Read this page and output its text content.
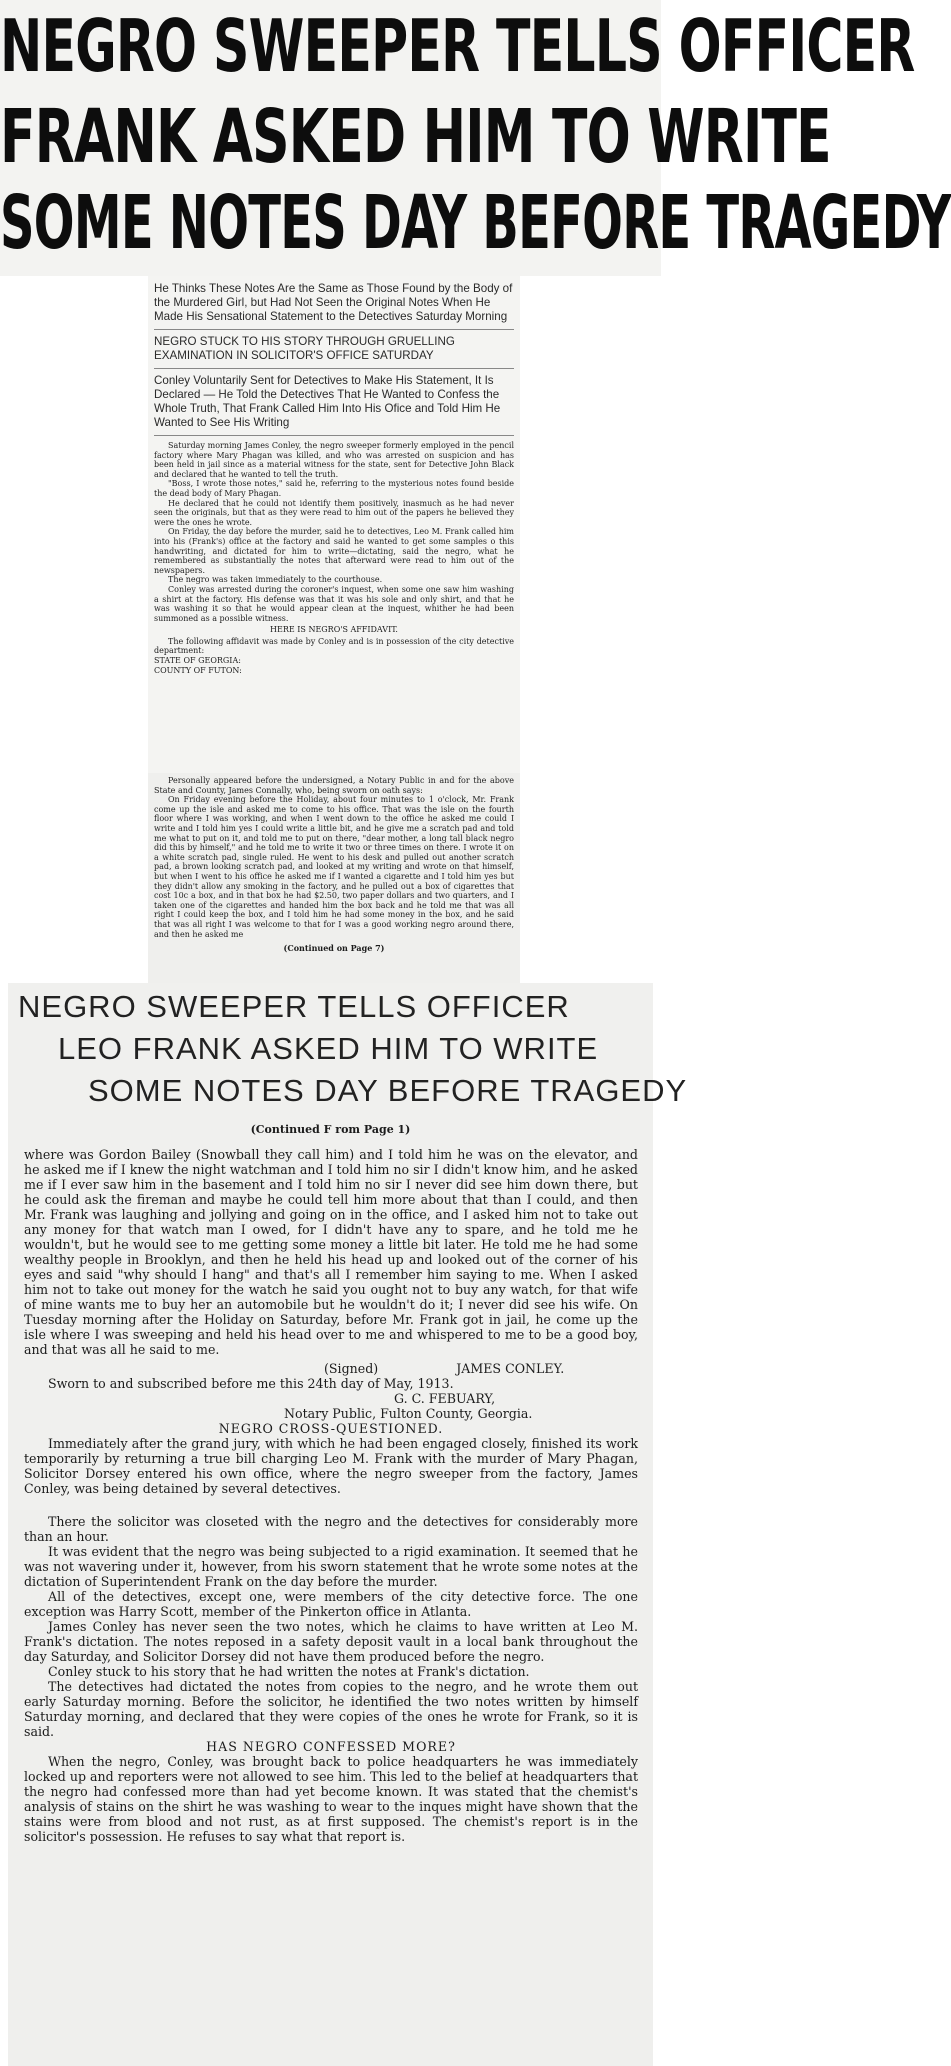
NEGRO SWEEPER TELLS OFFICER
FRANK ASKED HIM TO WRITE
SOME NOTES DAY BEFORE TRAGEDY

He Thinks These Notes Are the Same as Those Found by the Body of the Murdered Girl, but Had Not Seen the Original Notes When He Made His Sensational Statement to the Detectives Saturday Morning

NEGRO STUCK TO HIS STORY THROUGH GRUELLING EXAMINATION IN SOLICITOR'S OFFICE SATURDAY

Conley Voluntarily Sent for Detectives to Make His Statement, It Is Declared — He Told the Detectives That He Wanted to Confess the Whole Truth, That Frank Called Him Into His Ofice and Told Him He Wanted to See His Writing

Saturday morning James Conley, the negro sweeper formerly employed in the pencil factory where Mary Phagan was killed, and who was arrested on suspicion and has been held in jail since as a material witness for the state, sent for Detective John Black and declared that he wanted to tell the truth.

"Boss, I wrote those notes," said he, referring to the mysterious notes found beside the dead body of Mary Phagan.

He declared that he could not identify them positively, inasmuch as he had never seen the originals, but that as they were read to him out of the papers he believed they were the ones he wrote.

On Friday, the day before the murder, said he to detectives, Leo M. Frank called him into his (Frank's) office at the factory and said he wanted to get some samples o this handwriting, and dictated for him to write—dictating, said the negro, what he remembered as substantially the notes that afterward were read to him out of the newspapers.

The negro was taken immediately to the courthouse.

Conley was arrested during the coroner's inquest, when some one saw him washing a shirt at the factory. His defense was that it was his sole and only shirt, and that he was washing it so that he would appear clean at the inquest, whither he had been summoned as a possible witness.

HERE IS NEGRO'S AFFIDAVIT.

The following affidavit was made by Conley and is in possession of the city detective department:

STATE OF GEORGIA:

COUNTY OF FUTON:

Personally appeared before the undersigned, a Notary Public in and for the above State and County, James Connally, who, being sworn on oath says:

On Friday evening before the Holiday, about four minutes to 1 o'clock, Mr. Frank come up the isle and asked me to come to his office. That was the isle on the fourth floor where I was working, and when I went down to the office he asked me could I write and I told him yes I could write a little bit, and he give me a scratch pad and told me what to put on it, and told me to put on there, "dear mother, a long tall black negro did this by himself," and he told me to write it two or three times on there. I wrote it on a white scratch pad, single ruled. He went to his desk and pulled out another scratch pad, a brown looking scratch pad, and looked at my writing and wrote on that himself, but when I went to his office he asked me if I wanted a cigarette and I told him yes but they didn't allow any smoking in the factory, and he pulled out a box of cigarettes that cost 10c a box, and in that box he had $2.50, two paper dollars and two quarters, and I taken one of the cigarettes and handed him the box back and he told me that was all right I could keep the box, and I told him he had some money in the box, and he said that was all right I was welcome to that for I was a good working negro around there, and then he asked me

(Continued on Page 7)

NEGRO SWEEPER TELLS OFFICER
LEO FRANK ASKED HIM TO WRITE
SOME NOTES DAY BEFORE TRAGEDY
(Continued F rom Page 1)

where was Gordon Bailey (Snowball they call him) and I told him he was on the elevator, and he asked me if I knew the night watchman and I told him no sir I didn't know him, and he asked me if I ever saw him in the basement and I told him no sir I never did see him down there, but he could ask the fireman and maybe he could tell him more about that than I could, and then Mr. Frank was laughing and jollying and going on in the office, and I asked him not to take out any money for that watch man I owed, for I didn't have any to spare, and he told me he wouldn't, but he would see to me getting some money a little bit later. He told me he had some wealthy people in Brooklyn, and then he held his head up and looked out of the corner of his eyes and said "why should I hang" and that's all I remember him saying to me. When I asked him not to take out money for the watch he said you ought not to buy any watch, for that wife of mine wants me to buy her an automobile but he wouldn't do it; I never did see his wife. On Tuesday morning after the Holiday on Saturday, before Mr. Frank got in jail, he come up the isle where I was sweeping and held his head over to me and whispered to me to be a good boy, and that was all he said to me.

(Signed)	JAMES CONLEY.

Sworn to and subscribed before me this 24th day of May, 1913.

G. C. FEBUARY,

Notary Public, Fulton County, Georgia.

NEGRO CROSS-QUESTIONED.

Immediately after the grand jury, with which he had been engaged closely, finished its work temporarily by returning a true bill charging Leo M. Frank with the murder of Mary Phagan, Solicitor Dorsey entered his own office, where the negro sweeper from the factory, James Conley, was being detained by several detectives.

There the solicitor was closeted with the negro and the detectives for considerably more than an hour.

It was evident that the negro was being subjected to a rigid examination. It seemed that he was not wavering under it, however, from his sworn statement that he wrote some notes at the dictation of Superintendent Frank on the day before the murder.

All of the detectives, except one, were members of the city detective force. The one exception was Harry Scott, member of the Pinkerton office in Atlanta.

James Conley has never seen the two notes, which he claims to have written at Leo M. Frank's dictation. The notes reposed in a safety deposit vault in a local bank throughout the day Saturday, and Solicitor Dorsey did not have them produced before the negro.

Conley stuck to his story that he had written the notes at Frank's dictation.

The detectives had dictated the notes from copies to the negro, and he wrote them out early Saturday morning. Before the solicitor, he identified the two notes written by himself Saturday morning, and declared that they were copies of the ones he wrote for Frank, so it is said.

HAS NEGRO CONFESSED MORE?

When the negro, Conley, was brought back to police headquarters he was immediately locked up and reporters were not allowed to see him. This led to the belief at headquarters that the negro had confessed more than had yet become known. It was stated that the chemist's analysis of stains on the shirt he was washing to wear to the inques might have shown that the stains were from blood and not rust, as at first supposed. The chemist's report is in the solicitor's possession. He refuses to say what that report is.
